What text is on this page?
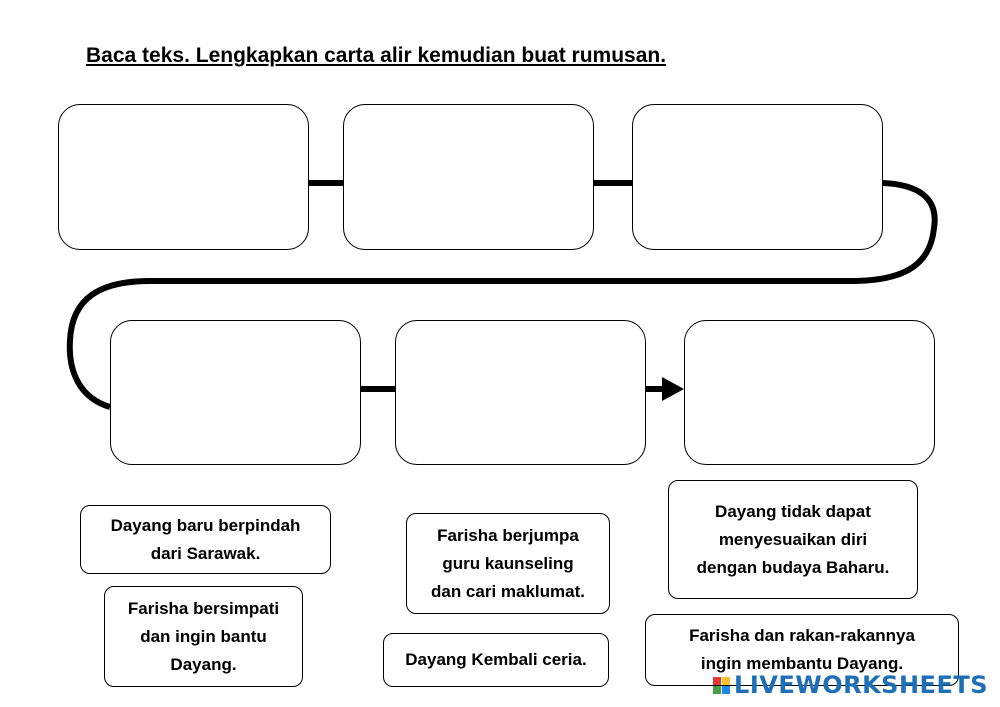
Baca teks. Lengkapkan carta alir kemudian buat rumusan.
Dayang baru berpindah
dari Sarawak.
Farisha bersimpati
dan ingin bantu
Dayang.
Farisha berjumpa
guru kaunseling
dan cari maklumat.
Dayang Kembali ceria.
Dayang tidak dapat
menyesuaikan diri
dengan budaya Baharu.
Farisha dan rakan-rakannya
ingin membantu Dayang.
LIVEWORKSHEETS
